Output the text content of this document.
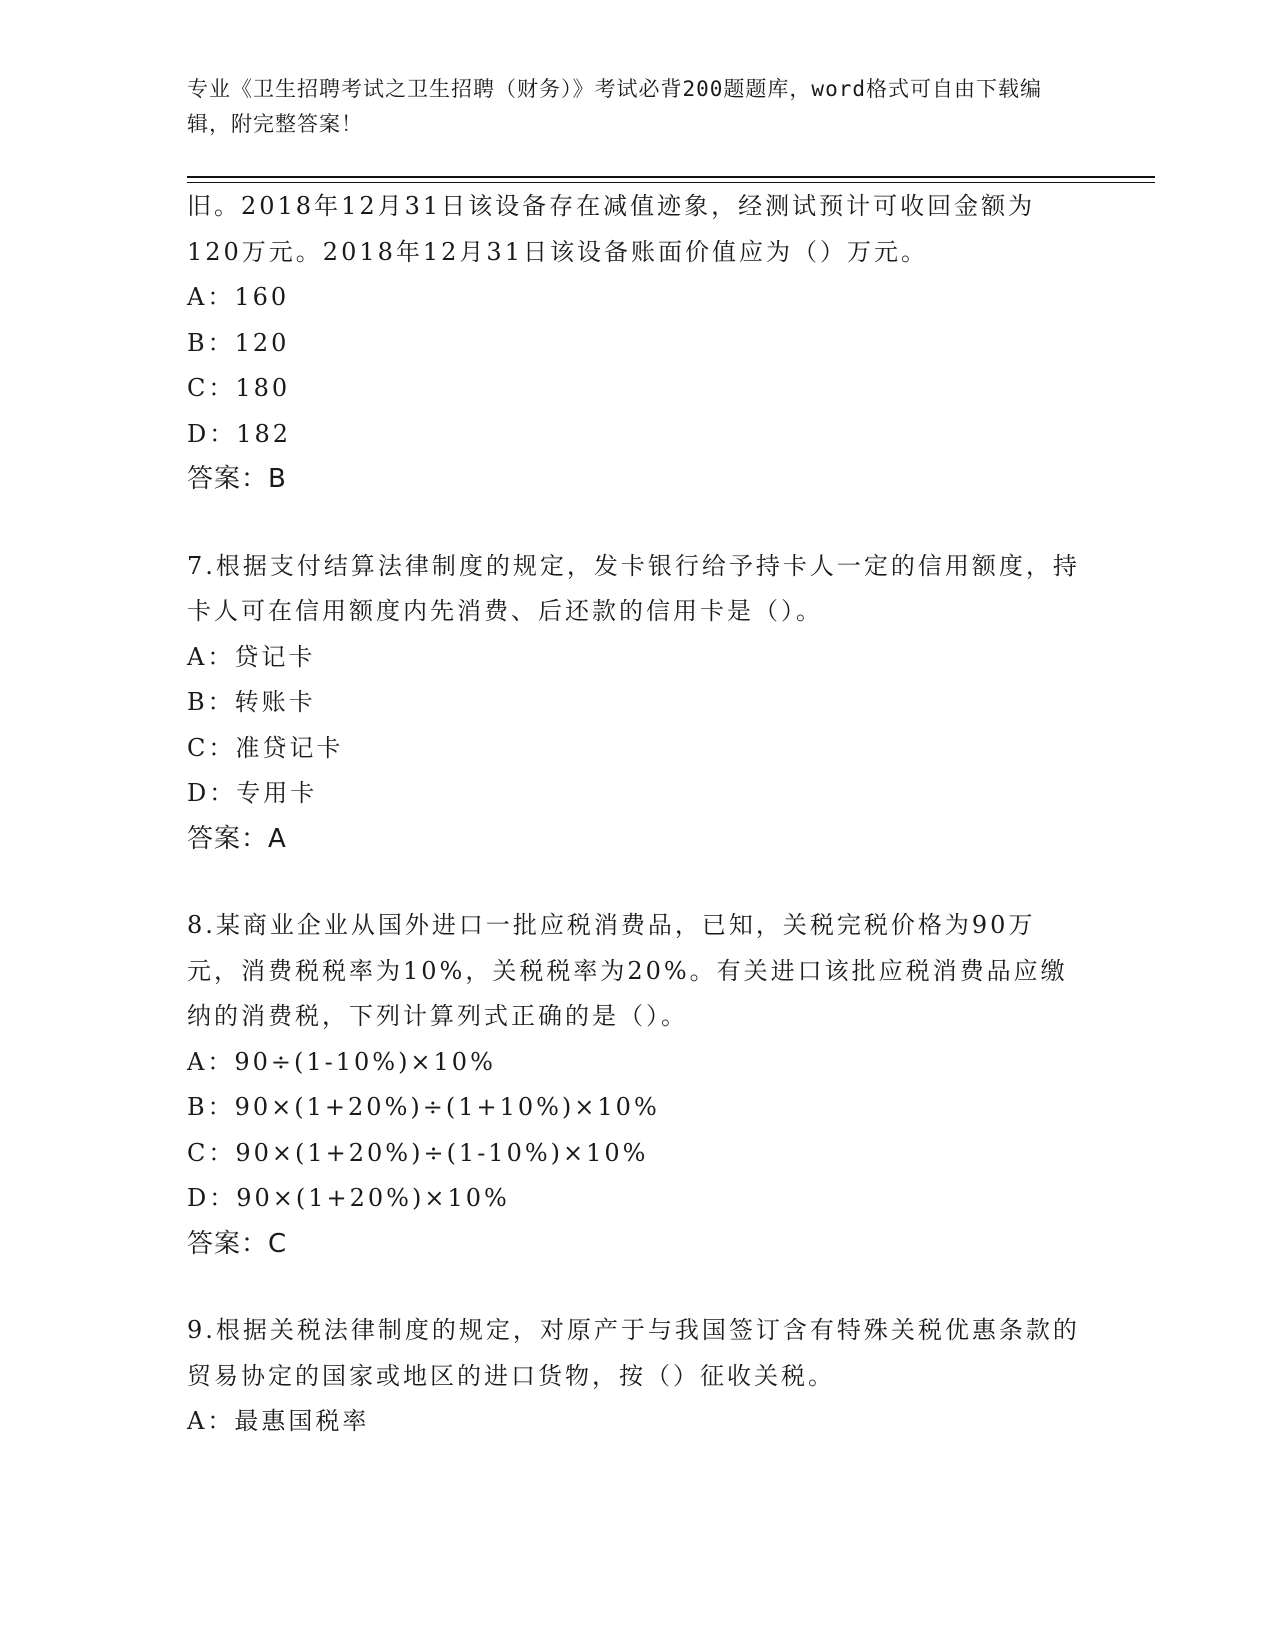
专业《卫生招聘考试之卫生招聘（财务）》考试必背200题题库，word格式可自由下载编辑，附完整答案！
旧。2018年12月31日该设备存在减值迹象，经测试预计可收回金额为120万元。2018年12月31日该设备账面价值应为（）万元。
A：160
B：120
C：180
D：182
答案：B
7.根据支付结算法律制度的规定，发卡银行给予持卡人一定的信用额度，持卡人可在信用额度内先消费、后还款的信用卡是（）。
A：贷记卡
B：转账卡
C：准贷记卡
D：专用卡
答案：A
8.某商业企业从国外进口一批应税消费品，已知，关税完税价格为90万元，消费税税率为10%，关税税率为20%。有关进口该批应税消费品应缴纳的消费税，下列计算列式正确的是（）。
A：90÷(1-10%)×10%
B：90×(1+20%)÷(1+10%)×10%
C：90×(1+20%)÷(1-10%)×10%
D：90×(1+20%)×10%
答案：C
9.根据关税法律制度的规定，对原产于与我国签订含有特殊关税优惠条款的贸易协定的国家或地区的进口货物，按（）征收关税。
A：最惠国税率
